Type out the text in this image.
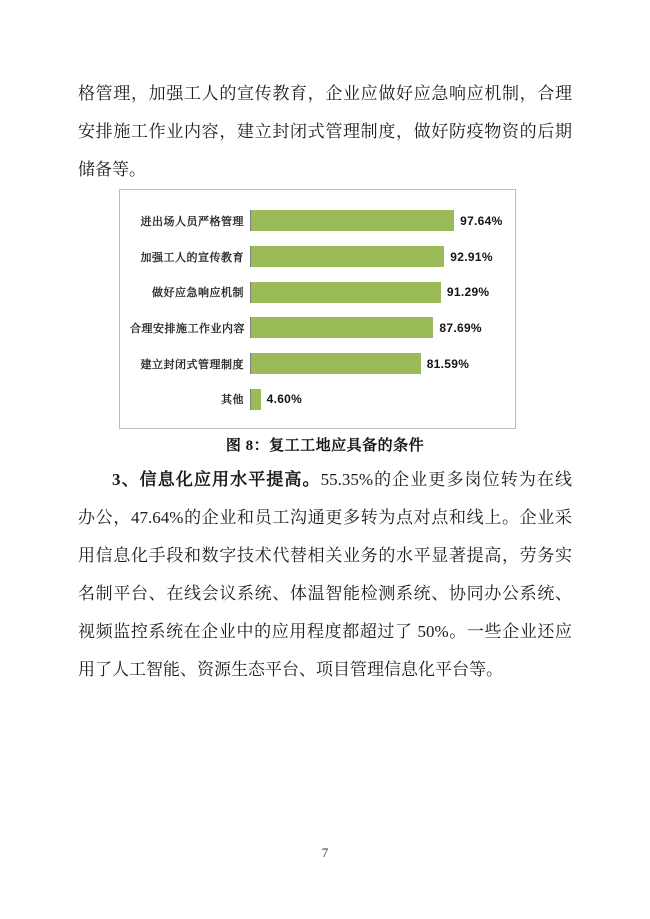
格管理，加强工人的宣传教育，企业应做好应急响应机制，合理
安排施工作业内容，建立封闭式管理制度，做好防疫物资的后期
储备等。
进出场人员严格管理	97.64%
加强工人的宣传教育	92.91%
做好应急响应机制	91.29%
合理安排施工作业内容	87.69%
建立封闭式管理制度	81.59%
其他	4.60%
图 8：复工工地应具备的条件
3、信息化应用水平提高。55.35%的企业更多岗位转为在线
办公，47.64%的企业和员工沟通更多转为点对点和线上。企业采
用信息化手段和数字技术代替相关业务的水平显著提高，劳务实
名制平台、在线会议系统、体温智能检测系统、协同办公系统、
视频监控系统在企业中的应用程度都超过了 50%。一些企业还应
用了人工智能、资源生态平台、项目管理信息化平台等。
7
